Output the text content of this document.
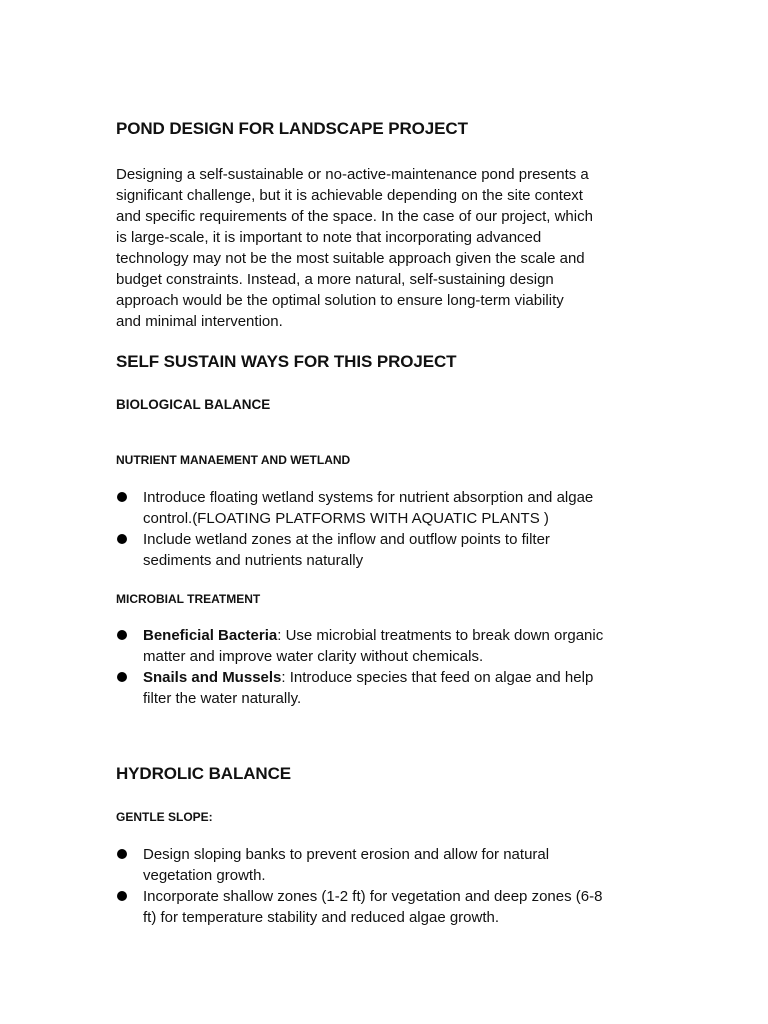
POND DESIGN FOR LANDSCAPE PROJECT
Designing a self-sustainable or no-active-maintenance pond presents a
significant challenge, but it is achievable depending on the site context
and specific requirements of the space. In the case of our project, which
is large-scale, it is important to note that incorporating advanced
technology may not be the most suitable approach given the scale and
budget constraints. Instead, a more natural, self-sustaining design
approach would be the optimal solution to ensure long-term viability
and minimal intervention.
SELF SUSTAIN WAYS FOR THIS PROJECT
BIOLOGICAL BALANCE
NUTRIENT MANAEMENT AND WETLAND
Introduce floating wetland systems for nutrient absorption and algae
control.(FLOATING PLATFORMS WITH AQUATIC PLANTS )
Include wetland zones at the inflow and outflow points to filter
sediments and nutrients naturally
MICROBIAL TREATMENT
Beneficial Bacteria: Use microbial treatments to break down organic
matter and improve water clarity without chemicals.
Snails and Mussels: Introduce species that feed on algae and help
filter the water naturally.
HYDROLIC BALANCE
GENTLE SLOPE:
Design sloping banks to prevent erosion and allow for natural
vegetation growth.
Incorporate shallow zones (1-2 ft) for vegetation and deep zones (6-8
ft) for temperature stability and reduced algae growth.
